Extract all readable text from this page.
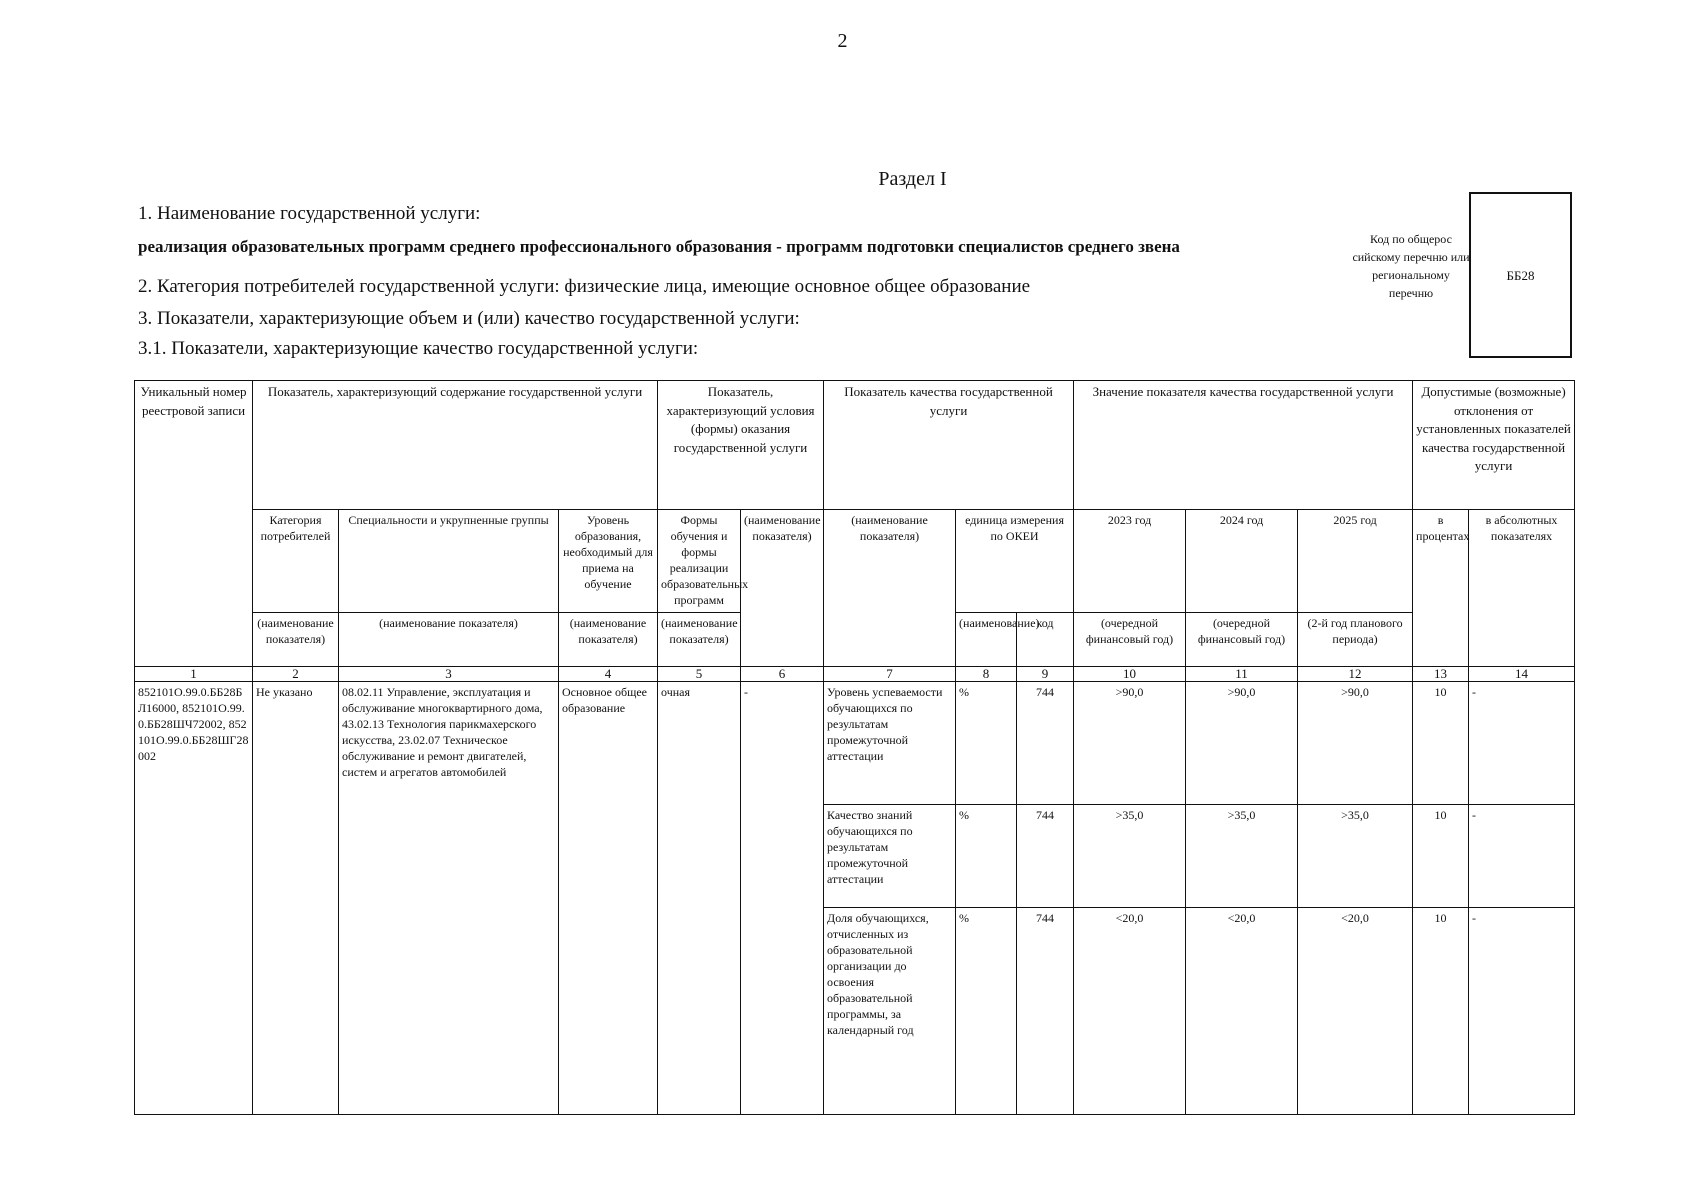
2
Раздел I
1. Наименование государственной услуги:
реализация образовательных программ среднего профессионального образования - программ подготовки специалистов среднего звена
2. Категория потребителей государственной услуги: физические лица, имеющие основное общее образование
3. Показатели, характеризующие объем и (или) качество государственной услуги:
3.1. Показатели, характеризующие качество государственной услуги:
Код по общерос сийскому перечню или региональному перечню
ББ28
Уникальный номер реестровой записи	Показатель, характеризующий содержание государственной услуги			Показатель, характеризующий условия (формы) оказания государственной услуги		Показатель качества государственной услуги			Значение показателя качества государственной услуги			Допустимые (возможные) отклонения от установленных показателей качества государственной услуги	
	Категория потребителей	Специальности и укрупненные группы	Уровень образования, необходимый для приема на обучение	Формы обучения и формы реализации образовательных программ	(наименование показателя)	(наименование показателя)	единица измерения по ОКЕИ		2023 год	2024 год	2025 год	в процентах	в абсолютных показателях
	(наименование показателя)	(наименование показателя)	(наименование показателя)	(наименование показателя)			(наименование)	код	(очередной финансовый год)	(очередной финансовый год)	(2-й год планового периода)		
1	2	3	4	5	6	7	8	9	10	11	12	13	14
852101О.99.0.ББ28БЛ16000, 852101О.99.0.ББ28ШЧ72002, 852101О.99.0.ББ28ШГ28002	Не указано	08.02.11 Управление, эксплуатация и обслуживание многоквартирного дома, 43.02.13 Технология парикмахерского искусства, 23.02.07 Техническое обслуживание и ремонт двигателей, систем и агрегатов автомобилей	Основное общее образование	очная	-	Уровень успеваемости обучающихся по результатам промежуточной аттестации	%	744	>90,0	>90,0	>90,0	10	-
						Качество знаний обучающихся по результатам промежуточной аттестации	%	744	>35,0	>35,0	>35,0	10	-
						Доля обучающихся, отчисленных из образовательной организации до освоения образовательной программы, за календарный год	%	744	<20,0	<20,0	<20,0	10	-
